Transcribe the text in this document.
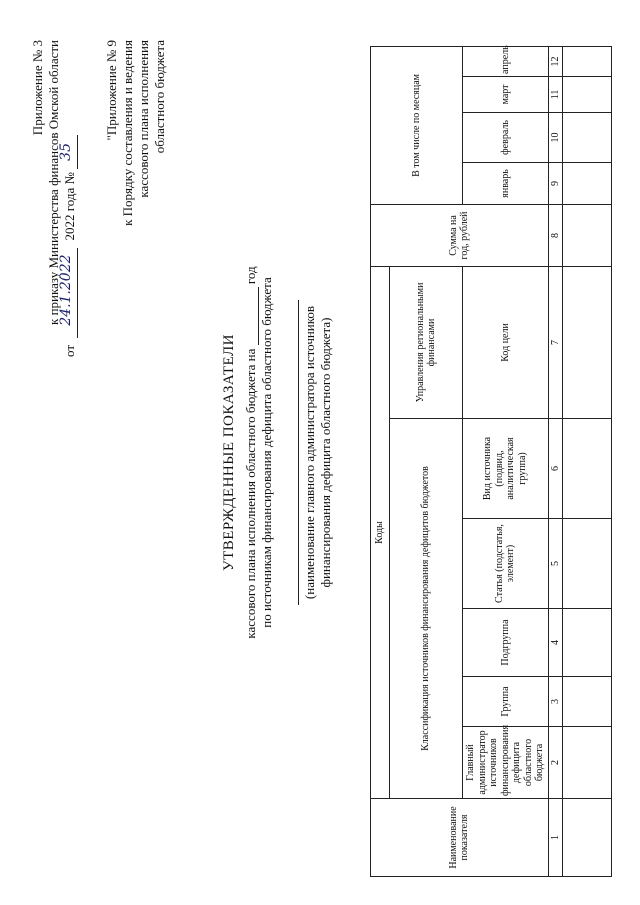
Приложение № 3 к приказу Министерства финансов Омской области
от
24.1.2022
2022 года №
35

"Приложение № 9 к Порядку составления и ведения кассового плана исполнения областного бюджета
УТВЕРЖДЕННЫЕ ПОКАЗАТЕЛИ кассового плана исполнения областного бюджета на   год
по источникам финансирования дефицита областного бюджета (наименование главного администратора источников финансирования дефицита областного бюджета)
Наименование показателя	Коды						Сумма на год, рублей	В том числе по месяцам			
	Классификация источников финансирования дефицитов бюджетов					Управления региональными финансами					
	Главный администратор источников финансирования дефицита областного бюджета	Группа	Подгруппа	Статья (подстатья, элемент)	Вид источника (подвид, аналитическая группа)	Код цели		январь	февраль	март	апрель
1	2	3	4	5	6	7	8	9	10	11	12
